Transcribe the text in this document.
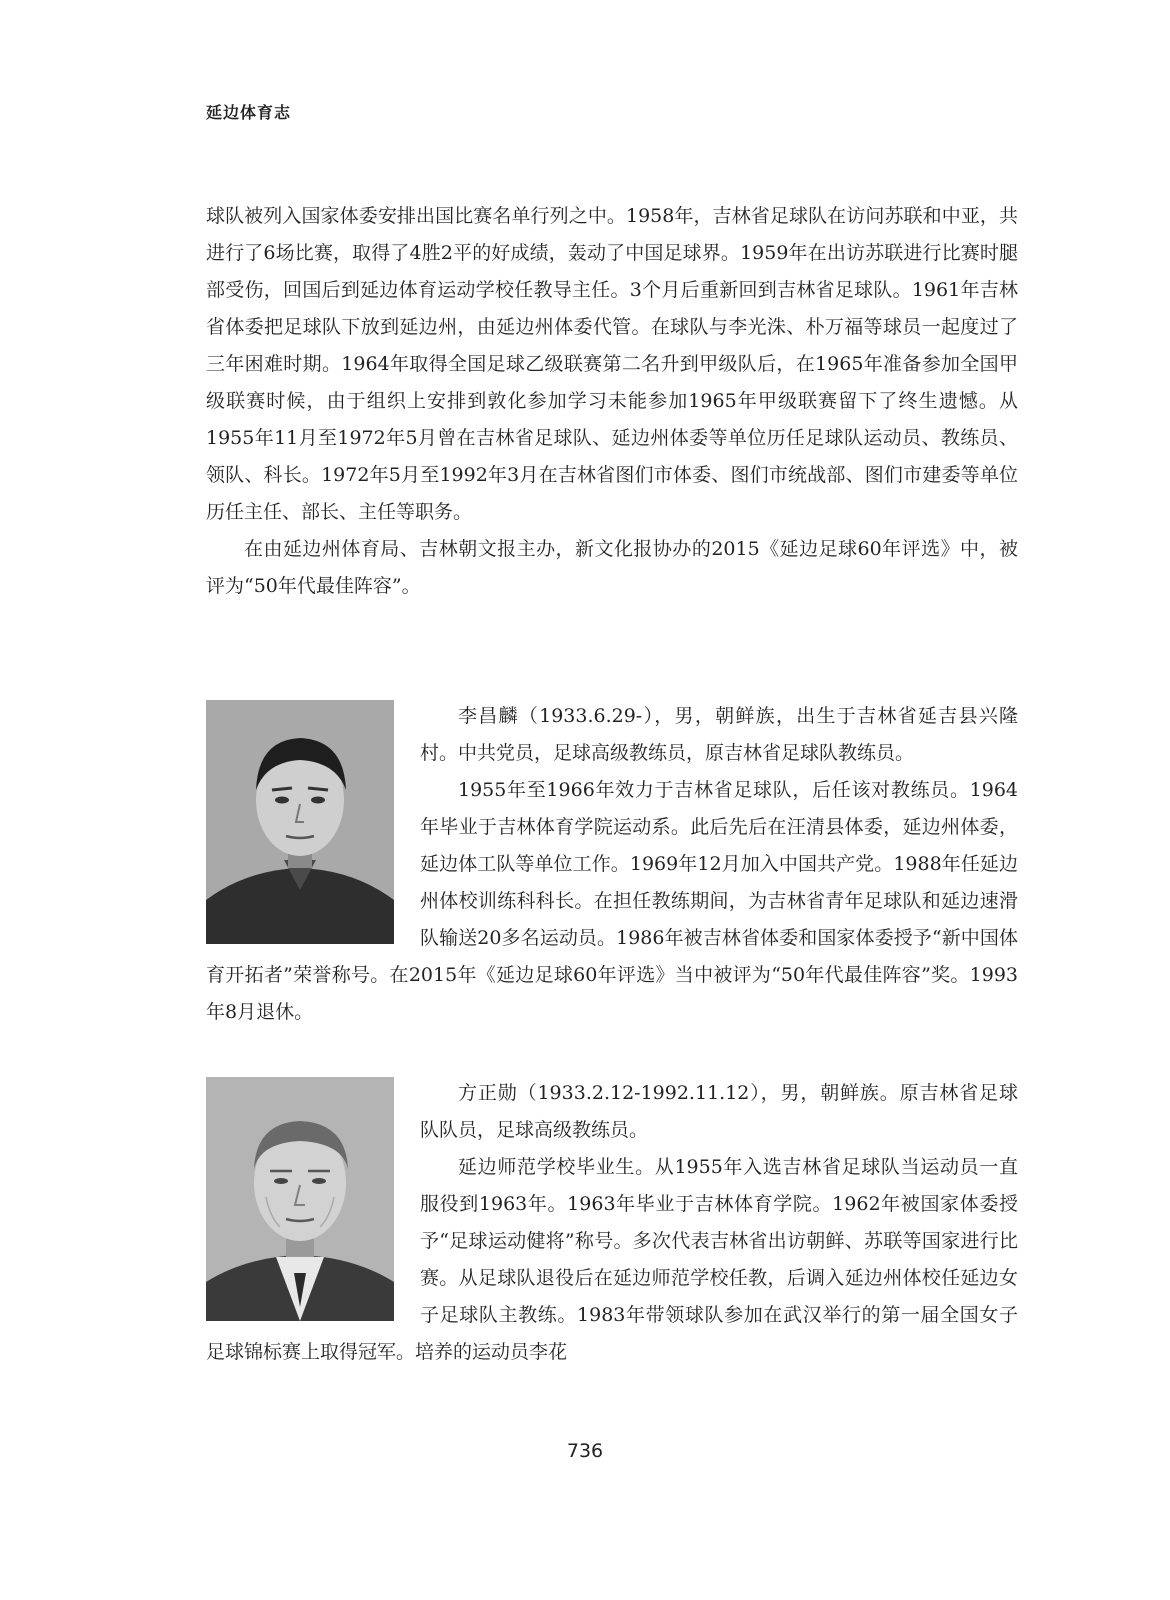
延边体育志

球队被列入国家体委安排出国比赛名单行列之中。1958年，吉林省足球队在访问苏联和中亚，共进行了6场比赛，取得了4胜2平的好成绩，轰动了中国足球界。1959年在出访苏联进行比赛时腿部受伤，回国后到延边体育运动学校任教导主任。3个月后重新回到吉林省足球队。1961年吉林省体委把足球队下放到延边州，由延边州体委代管。在球队与李光洙、朴万福等球员一起度过了三年困难时期。1964年取得全国足球乙级联赛第二名升到甲级队后，在1965年准备参加全国甲级联赛时候，由于组织上安排到敦化参加学习未能参加1965年甲级联赛留下了终生遗憾。从1955年11月至1972年5月曾在吉林省足球队、延边州体委等单位历任足球队运动员、教练员、领队、科长。1972年5月至1992年3月在吉林省图们市体委、图们市统战部、图们市建委等单位历任主任、部长、主任等职务。

在由延边州体育局、吉林朝文报主办，新文化报协办的2015《延边足球60年评选》中，被评为“50年代最佳阵容”。

李昌麟（1933.6.29-），男，朝鲜族，出生于吉林省延吉县兴隆村。中共党员，足球高级教练员，原吉林省足球队教练员。

1955年至1966年效力于吉林省足球队，后任该对教练员。1964年毕业于吉林体育学院运动系。此后先后在汪清县体委，延边州体委，延边体工队等单位工作。1969年12月加入中国共产党。1988年任延边州体校训练科科长。在担任教练期间，为吉林省青年足球队和延边速滑队输送20多名运动员。1986年被吉林省体委和国家体委授予“新中国体育开拓者”荣誉称号。在2015年《延边足球60年评选》当中被评为“50年代最佳阵容”奖。1993年8月退休。

方正勋（1933.2.12-1992.11.12），男，朝鲜族。原吉林省足球队队员，足球高级教练员。

延边师范学校毕业生。从1955年入选吉林省足球队当运动员一直服役到1963年。1963年毕业于吉林体育学院。1962年被国家体委授予“足球运动健将”称号。多次代表吉林省出访朝鲜、苏联等国家进行比赛。从足球队退役后在延边师范学校任教，后调入延边州体校任延边女子足球队主教练。1983年带领球队参加在武汉举行的第一届全国女子足球锦标赛上取得冠军。培养的运动员李花

736
